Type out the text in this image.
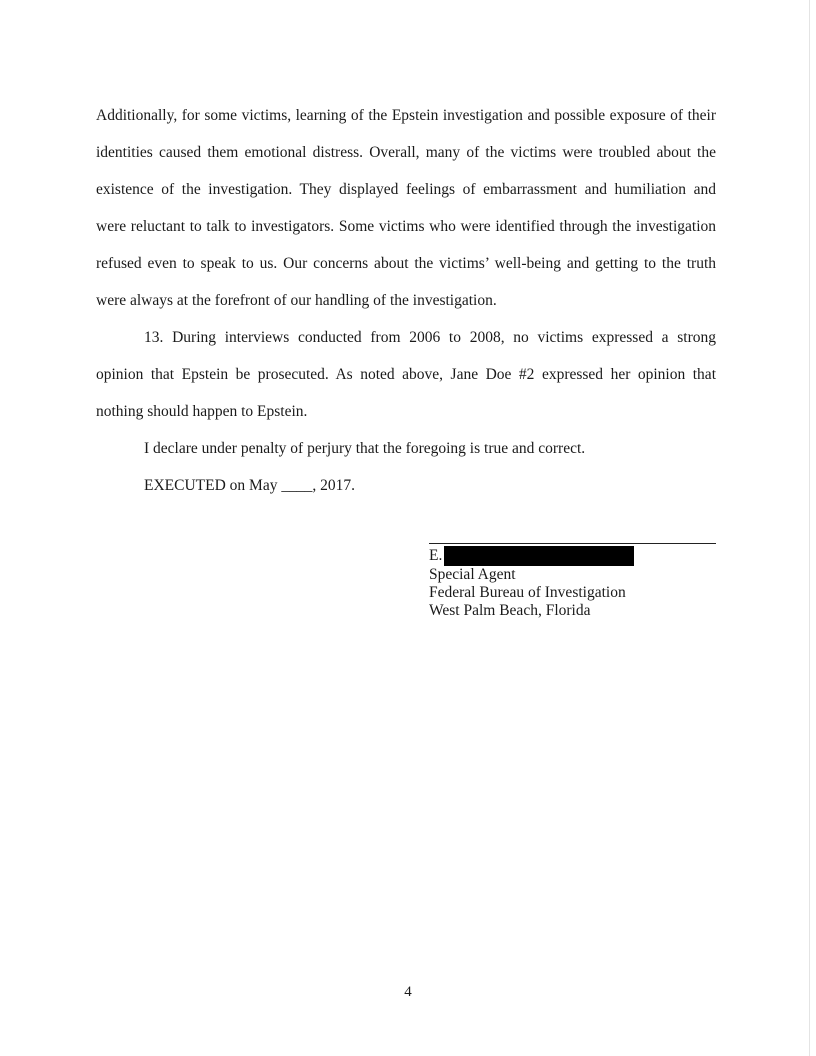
Additionally, for some victims, learning of the Epstein investigation and possible exposure of their
identities caused them emotional distress. Overall, many of the victims were troubled about the
existence of the investigation. They displayed feelings of embarrassment and humiliation and
were reluctant to talk to investigators. Some victims who were identified through the investigation
refused even to speak to us. Our concerns about the victims’ well-being and getting to the truth
were always at the forefront of our handling of the investigation.
13. During interviews conducted from 2006 to 2008, no victims expressed a strong
opinion that Epstein be prosecuted. As noted above, Jane Doe #2 expressed her opinion that
nothing should happen to Epstein.
I declare under penalty of perjury that the foregoing is true and correct.
EXECUTED on May ____, 2017.
E.
Special Agent
Federal Bureau of Investigation
West Palm Beach, Florida
4
